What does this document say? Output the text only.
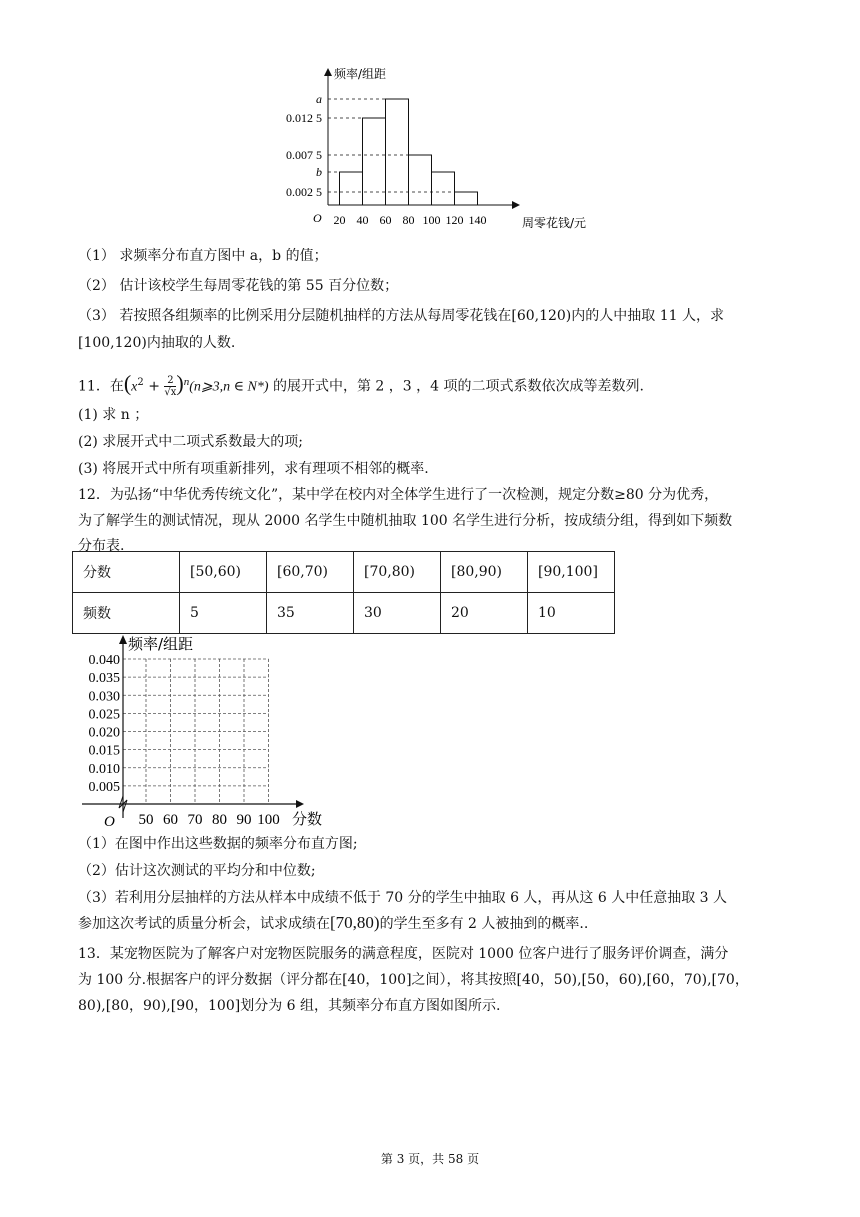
频率/组距
周零花钱/元
O
a
0.012 5
0.007 5
b
0.002 5
20 40 60 80 100 120 140
（1） 求频率分布直方图中 a，b 的值；
（2） 估计该校学生每周零花钱的第 55 百分位数；
（3） 若按照各组频率的比例采用分层随机抽样的方法从每周零花钱在[60,120)内的人中抽取 11 人，求
[100,120)内抽取的人数.
11．在($x^2 + \frac{2}{√x}$ )$^n(n⩾3,n$ ∈ N*) 的展开式中，第 2 ，3 ，4 项的二项式系数依次成等差数列.
(1) 求 n ；
(2) 求展开式中二项式系数最大的项;
(3) 将展开式中所有项重新排列，求有理项不相邻的概率.
12．为弘扬“中华优秀传统文化”，某中学在校内对全体学生进行了一次检测，规定分数≥80 分为优秀，
为了解学生的测试情况，现从 2000 名学生中随机抽取 100 名学生进行分析，按成绩分组，得到如下频数
分布表.
分数	[50,60)	[60,70)	[70,80)	[80,90)	[90,100]
频数	5	35	30	20	10
频率/组距
分数
O
0.040
0.035
0.030
0.025
0.020
0.015
0.010
0.005
50 60 70 80 90 100
（1）在图中作出这些数据的频率分布直方图;
（2）估计这次测试的平均分和中位数;
（3）若利用分层抽样的方法从样本中成绩不低于 70 分的学生中抽取 6 人，再从这 6 人中任意抽取 3 人
参加这次考试的质量分析会，试求成绩在[70,80)的学生至多有 2 人被抽到的概率..
13．某宠物医院为了解客户对宠物医院服务的满意程度，医院对 1000 位客户进行了服务评价调查，满分
为 100 分.根据客户的评分数据（评分都在[40，100]之间），将其按照[40，50),[50，60),[60，70),[70，
80),[80，90),[90，100]划分为 6 组，其频率分布直方图如图所示.
第 3 页，共 58 页
